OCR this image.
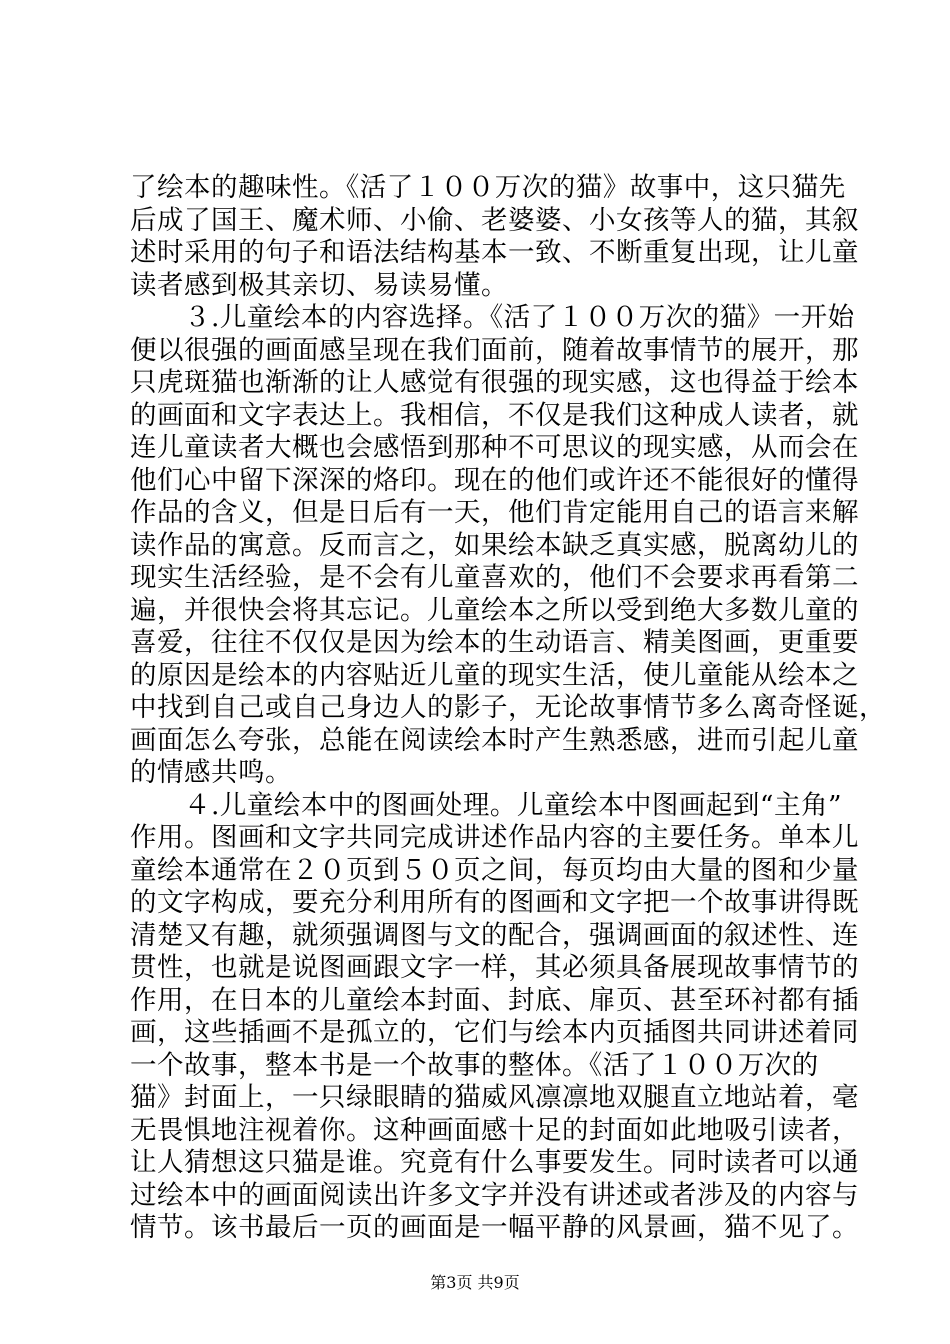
了绘本的趣味性。《活了１００万次的猫》故事中，这只猫先
后成了国王、魔术师、小偷、老婆婆、小女孩等人的猫，其叙
述时采用的句子和语法结构基本一致、不断重复出现，让儿童
读者感到极其亲切、易读易懂。
　　３.儿童绘本的内容选择。《活了１００万次的猫》一开始
便以很强的画面感呈现在我们面前，随着故事情节的展开，那
只虎斑猫也渐渐的让人感觉有很强的现实感，这也得益于绘本
的画面和文字表达上。我相信，不仅是我们这种成人读者，就
连儿童读者大概也会感悟到那种不可思议的现实感，从而会在
他们心中留下深深的烙印。现在的他们或许还不能很好的懂得
作品的含义，但是日后有一天，他们肯定能用自己的语言来解
读作品的寓意。反而言之，如果绘本缺乏真实感，脱离幼儿的
现实生活经验，是不会有儿童喜欢的，他们不会要求再看第二
遍，并很快会将其忘记。儿童绘本之所以受到绝大多数儿童的
喜爱，往往不仅仅是因为绘本的生动语言、精美图画，更重要
的原因是绘本的内容贴近儿童的现实生活，使儿童能从绘本之
中找到自己或自己身边人的影子，无论故事情节多么离奇怪诞，
画面怎么夸张，总能在阅读绘本时产生熟悉感，进而引起儿童
的情感共鸣。
　　４.儿童绘本中的图画处理。儿童绘本中图画起到“主角”
作用。图画和文字共同完成讲述作品内容的主要任务。单本儿
童绘本通常在２０页到５０页之间，每页均由大量的图和少量
的文字构成，要充分利用所有的图画和文字把一个故事讲得既
清楚又有趣，就须强调图与文的配合，强调画面的叙述性、连
贯性，也就是说图画跟文字一样，其必须具备展现故事情节的
作用，在日本的儿童绘本封面、封底、扉页、甚至环衬都有插
画，这些插画不是孤立的，它们与绘本内页插图共同讲述着同
一个故事，整本书是一个故事的整体。《活了１００万次的
猫》封面上，一只绿眼睛的猫威风凛凛地双腿直立地站着，毫
无畏惧地注视着你。这种画面感十足的封面如此地吸引读者，
让人猜想这只猫是谁。究竟有什么事要发生。同时读者可以通
过绘本中的画面阅读出许多文字并没有讲述或者涉及的内容与
情节。该书最后一页的画面是一幅平静的风景画，猫不见了。
第3页 共9页
